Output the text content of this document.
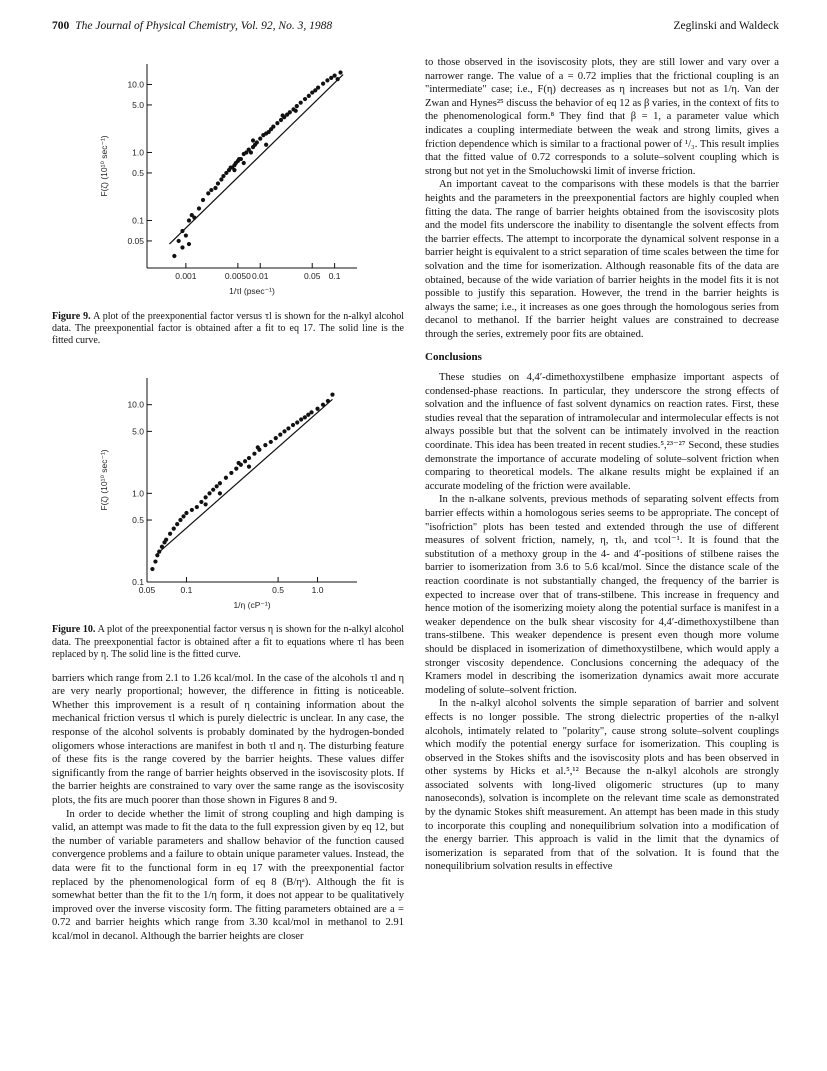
700 The Journal of Physical Chemistry, Vol. 92, No. 3, 1988	Zeglinski and Waldeck
10.0
5.0
1.0
0.5
0.1
0.05
0.001	0.0050 0.01	0.05 0.1
1/τl (psec⁻¹)
F(ζ) (10¹⁰ sec⁻¹)

Figure 9. A plot of the preexponential factor versus τl is shown for the n-alkyl alcohol data. The preexponential factor is obtained after a fit to eq 17. The solid line is the fitted curve.

10.0
5.0
1.0
0.5
0.1
0.05	0.1	0.5	1.0
1/η (cP⁻¹)
F(ζ) (10¹⁰ sec⁻¹)

Figure 10. A plot of the preexponential factor versus η is shown for the n-alkyl alcohol data. The preexponential factor is obtained after a fit to equations where τl has been replaced by η. The solid line is the fitted curve.

barriers which range from 2.1 to 1.26 kcal/mol. In the case of the alcohols τl and η are very nearly proportional; however, the difference in fitting is noticeable. Whether this improvement is a result of η containing information about the mechanical friction versus τl which is purely dielectric is unclear. In any case, the response of the alcohol solvents is probably dominated by the hydrogen-bonded oligomers whose interactions are manifest in both τl and η. The disturbing feature of these fits is the range covered by the barrier heights. These values differ significantly from the range of barrier heights observed in the isoviscosity plots. If the barrier heights are constrained to vary over the same range as the isoviscosity plots, the fits are much poorer than those shown in Figures 8 and 9.

In order to decide whether the limit of strong coupling and high damping is valid, an attempt was made to fit the data to the full expression given by eq 12, but the number of variable parameters and shallow behavior of the function caused convergence problems and a failure to obtain unique parameter values. Instead, the data were fit to the functional form in eq 17 with the preexponential factor replaced by the phenomenological form of eq 8 (B/ηᵃ). Although the fit is somewhat better than the fit to the 1/η form, it does not appear to be qualitatively improved over the inverse viscosity form. The fitting parameters obtained are a = 0.72 and barrier heights which range from 3.30 kcal/mol in methanol to 2.91 kcal/mol in decanol. Although the barrier heights are closer

to those observed in the isoviscosity plots, they are still lower and vary over a narrower range. The value of a = 0.72 implies that the frictional coupling is an "intermediate" case; i.e., F(η) decreases as η increases but not as 1/η. Van der Zwan and Hynes²⁵ discuss the behavior of eq 12 as β varies, in the context of fits to the phenomenological form.⁸ They find that β = 1, a parameter value which indicates a coupling intermediate between the weak and strong limits, gives a friction dependence which is similar to a fractional power of ¹/₃. This result implies that the fitted value of 0.72 corresponds to a solute–solvent coupling which is strong but not yet in the Smoluchowski limit of inverse friction.

An important caveat to the comparisons with these models is that the barrier heights and the parameters in the preexponential factors are highly coupled when fitting the data. The range of barrier heights obtained from the isoviscosity plots and the model fits underscore the inability to disentangle the solvent effects from the barrier effects. The attempt to incorporate the dynamical solvent response in a barrier height is equivalent to a strict separation of time scales between the time for solvation and the time for isomerization. Although reasonable fits of the data are obtained, because of the wide variation of barrier heights in the model fits it is not possible to justify this separation. However, the trend in the barrier heights is always the same; i.e., it increases as one goes through the homologous series from decanol to methanol. If the barrier height values are constrained to decrease through the series, extremely poor fits are obtained.

Conclusions

These studies on 4,4′-dimethoxystilbene emphasize important aspects of condensed-phase reactions. In particular, they underscore the strong effects of solvation and the influence of fast solvent dynamics on reaction rates. First, these studies reveal that the separation of intramolecular and intermolecular effects is not always possible but that the solvent can be intimately involved in the reaction coordinate. This idea has been treated in recent studies.⁵,²³⁻²⁷ Second, these studies demonstrate the importance of accurate modeling of solute–solvent friction when comparing to theoretical models. The alkane results might be explained if an accurate modeling of the friction were available.

In the n-alkane solvents, previous methods of separating solvent effects from barrier effects within a homologous series seems to be appropriate. The concept of "isofriction" plots has been tested and extended through the use of different measures of solvent friction, namely, η, τlₜ, and τcol⁻¹. It is found that the substitution of a methoxy group in the 4- and 4′-positions of stilbene raises the barrier to isomerization from 3.6 to 5.6 kcal/mol. Since the distance scale of the reaction coordinate is not substantially changed, the frequency of the barrier is expected to increase over that of trans-stilbene. This increase in frequency and hence motion of the isomerizing moiety along the potential surface is manifest in a weaker dependence on the bulk shear viscosity for 4,4′-dimethoxystilbene than trans-stilbene. This weaker dependence is present even though more volume should be displaced in isomerization of dimethoxystilbene, which would apply a stronger viscosity dependence. Conclusions concerning the adequacy of the Kramers model in describing the isomerization dynamics await more accurate modeling of solute–solvent friction.

In the n-alkyl alcohol solvents the simple separation of barrier and solvent effects is no longer possible. The strong dielectric properties of the n-alkyl alcohols, intimately related to "polarity", cause strong solute–solvent couplings which modify the potential energy surface for isomerization. This coupling is observed in the Stokes shifts and the isoviscosity plots and has been observed in other systems by Hicks et al.⁵,¹² Because the n-alkyl alcohols are strongly associated solvents with long-lived oligomeric structures (up to many nanoseconds), solvation is incomplete on the relevant time scale as demonstrated by the dynamic Stokes shift measurement. An attempt has been made in this study to incorporate this coupling and nonequilibrium solvation into a modification of the energy barrier. This approach is valid in the limit that the dynamics of isomerization is separated from that of the solvation. It is found that the nonequilibrium solvation results in effective
